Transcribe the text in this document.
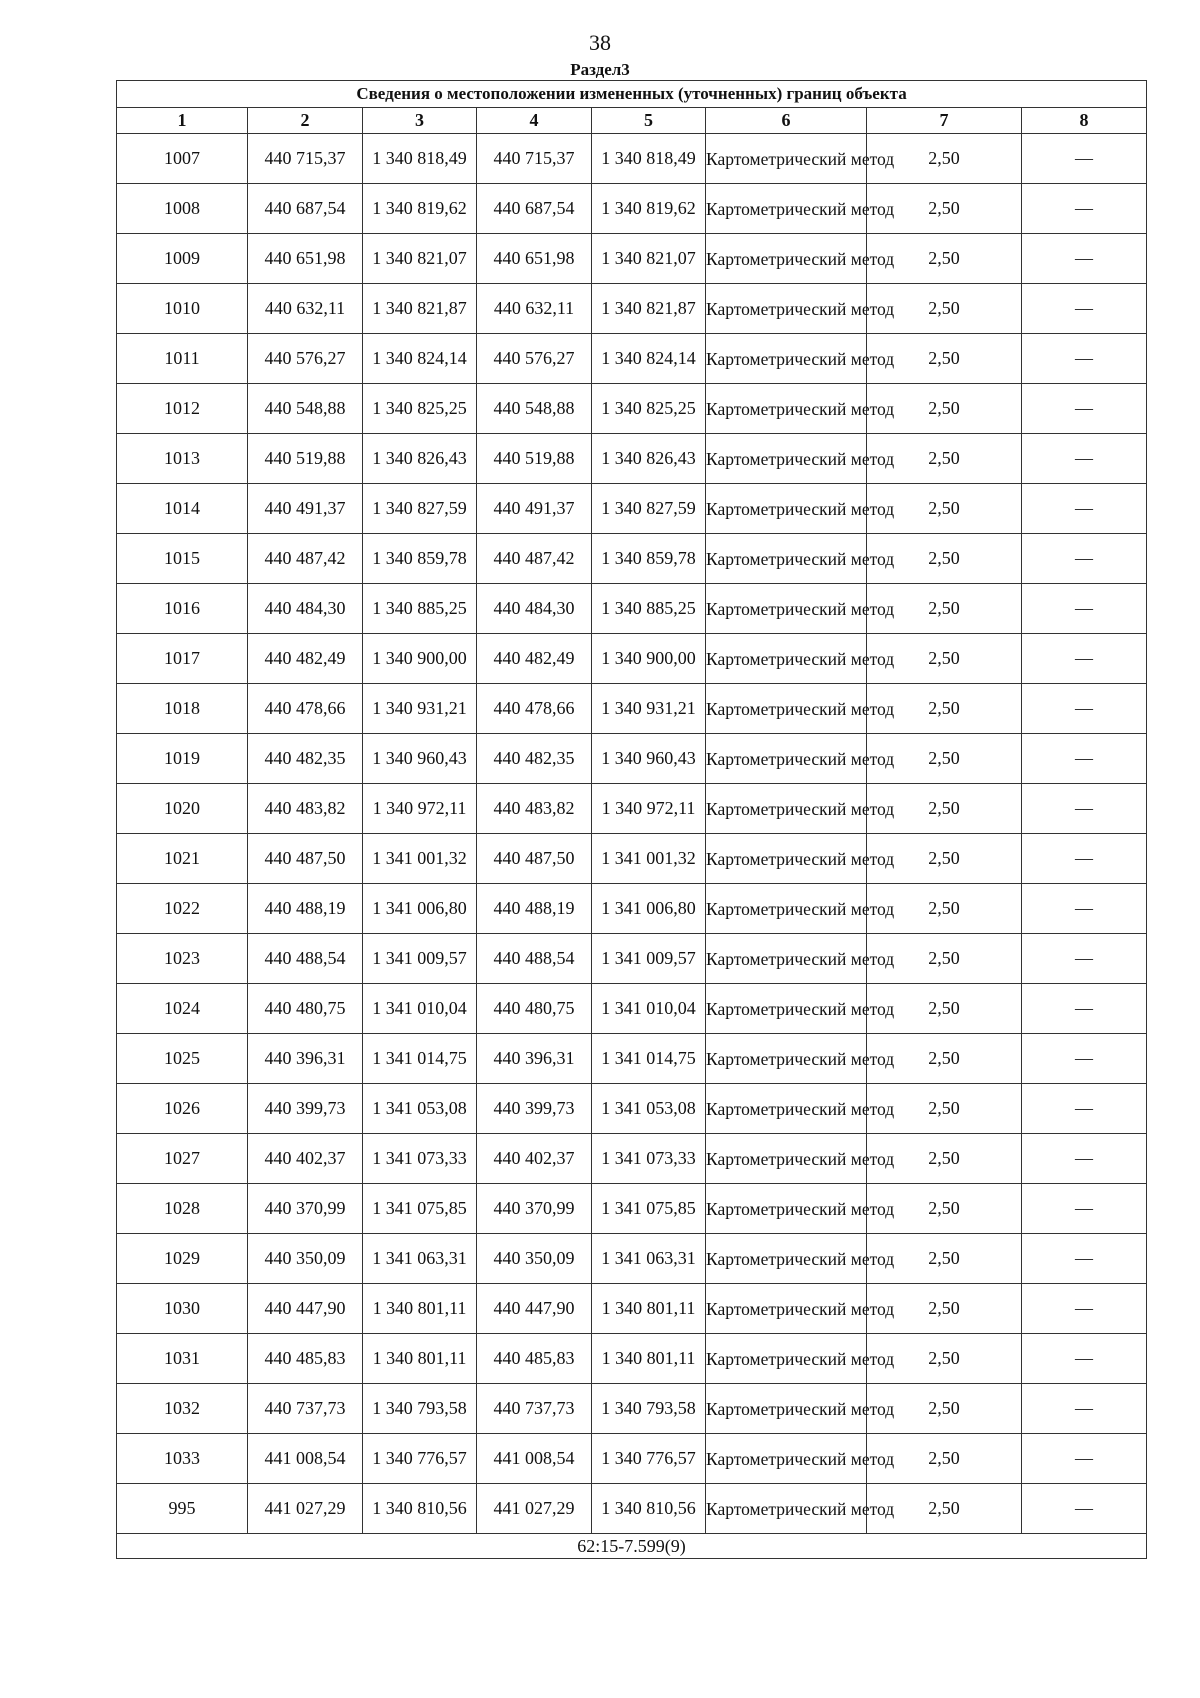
38
Раздел3
Сведения о местоположении измененных (уточненных) границ объекта							
1	2	3	4	5	6	7	8
1007	440 715,37	1 340 818,49	440 715,37	1 340 818,49	Картометрический метод	2,50	—
1008	440 687,54	1 340 819,62	440 687,54	1 340 819,62	Картометрический метод	2,50	—
1009	440 651,98	1 340 821,07	440 651,98	1 340 821,07	Картометрический метод	2,50	—
1010	440 632,11	1 340 821,87	440 632,11	1 340 821,87	Картометрический метод	2,50	—
1011	440 576,27	1 340 824,14	440 576,27	1 340 824,14	Картометрический метод	2,50	—
1012	440 548,88	1 340 825,25	440 548,88	1 340 825,25	Картометрический метод	2,50	—
1013	440 519,88	1 340 826,43	440 519,88	1 340 826,43	Картометрический метод	2,50	—
1014	440 491,37	1 340 827,59	440 491,37	1 340 827,59	Картометрический метод	2,50	—
1015	440 487,42	1 340 859,78	440 487,42	1 340 859,78	Картометрический метод	2,50	—
1016	440 484,30	1 340 885,25	440 484,30	1 340 885,25	Картометрический метод	2,50	—
1017	440 482,49	1 340 900,00	440 482,49	1 340 900,00	Картометрический метод	2,50	—
1018	440 478,66	1 340 931,21	440 478,66	1 340 931,21	Картометрический метод	2,50	—
1019	440 482,35	1 340 960,43	440 482,35	1 340 960,43	Картометрический метод	2,50	—
1020	440 483,82	1 340 972,11	440 483,82	1 340 972,11	Картометрический метод	2,50	—
1021	440 487,50	1 341 001,32	440 487,50	1 341 001,32	Картометрический метод	2,50	—
1022	440 488,19	1 341 006,80	440 488,19	1 341 006,80	Картометрический метод	2,50	—
1023	440 488,54	1 341 009,57	440 488,54	1 341 009,57	Картометрический метод	2,50	—
1024	440 480,75	1 341 010,04	440 480,75	1 341 010,04	Картометрический метод	2,50	—
1025	440 396,31	1 341 014,75	440 396,31	1 341 014,75	Картометрический метод	2,50	—
1026	440 399,73	1 341 053,08	440 399,73	1 341 053,08	Картометрический метод	2,50	—
1027	440 402,37	1 341 073,33	440 402,37	1 341 073,33	Картометрический метод	2,50	—
1028	440 370,99	1 341 075,85	440 370,99	1 341 075,85	Картометрический метод	2,50	—
1029	440 350,09	1 341 063,31	440 350,09	1 341 063,31	Картометрический метод	2,50	—
1030	440 447,90	1 340 801,11	440 447,90	1 340 801,11	Картометрический метод	2,50	—
1031	440 485,83	1 340 801,11	440 485,83	1 340 801,11	Картометрический метод	2,50	—
1032	440 737,73	1 340 793,58	440 737,73	1 340 793,58	Картометрический метод	2,50	—
1033	441 008,54	1 340 776,57	441 008,54	1 340 776,57	Картометрический метод	2,50	—
995	441 027,29	1 340 810,56	441 027,29	1 340 810,56	Картометрический метод	2,50	—
62:15-7.599(9)							
